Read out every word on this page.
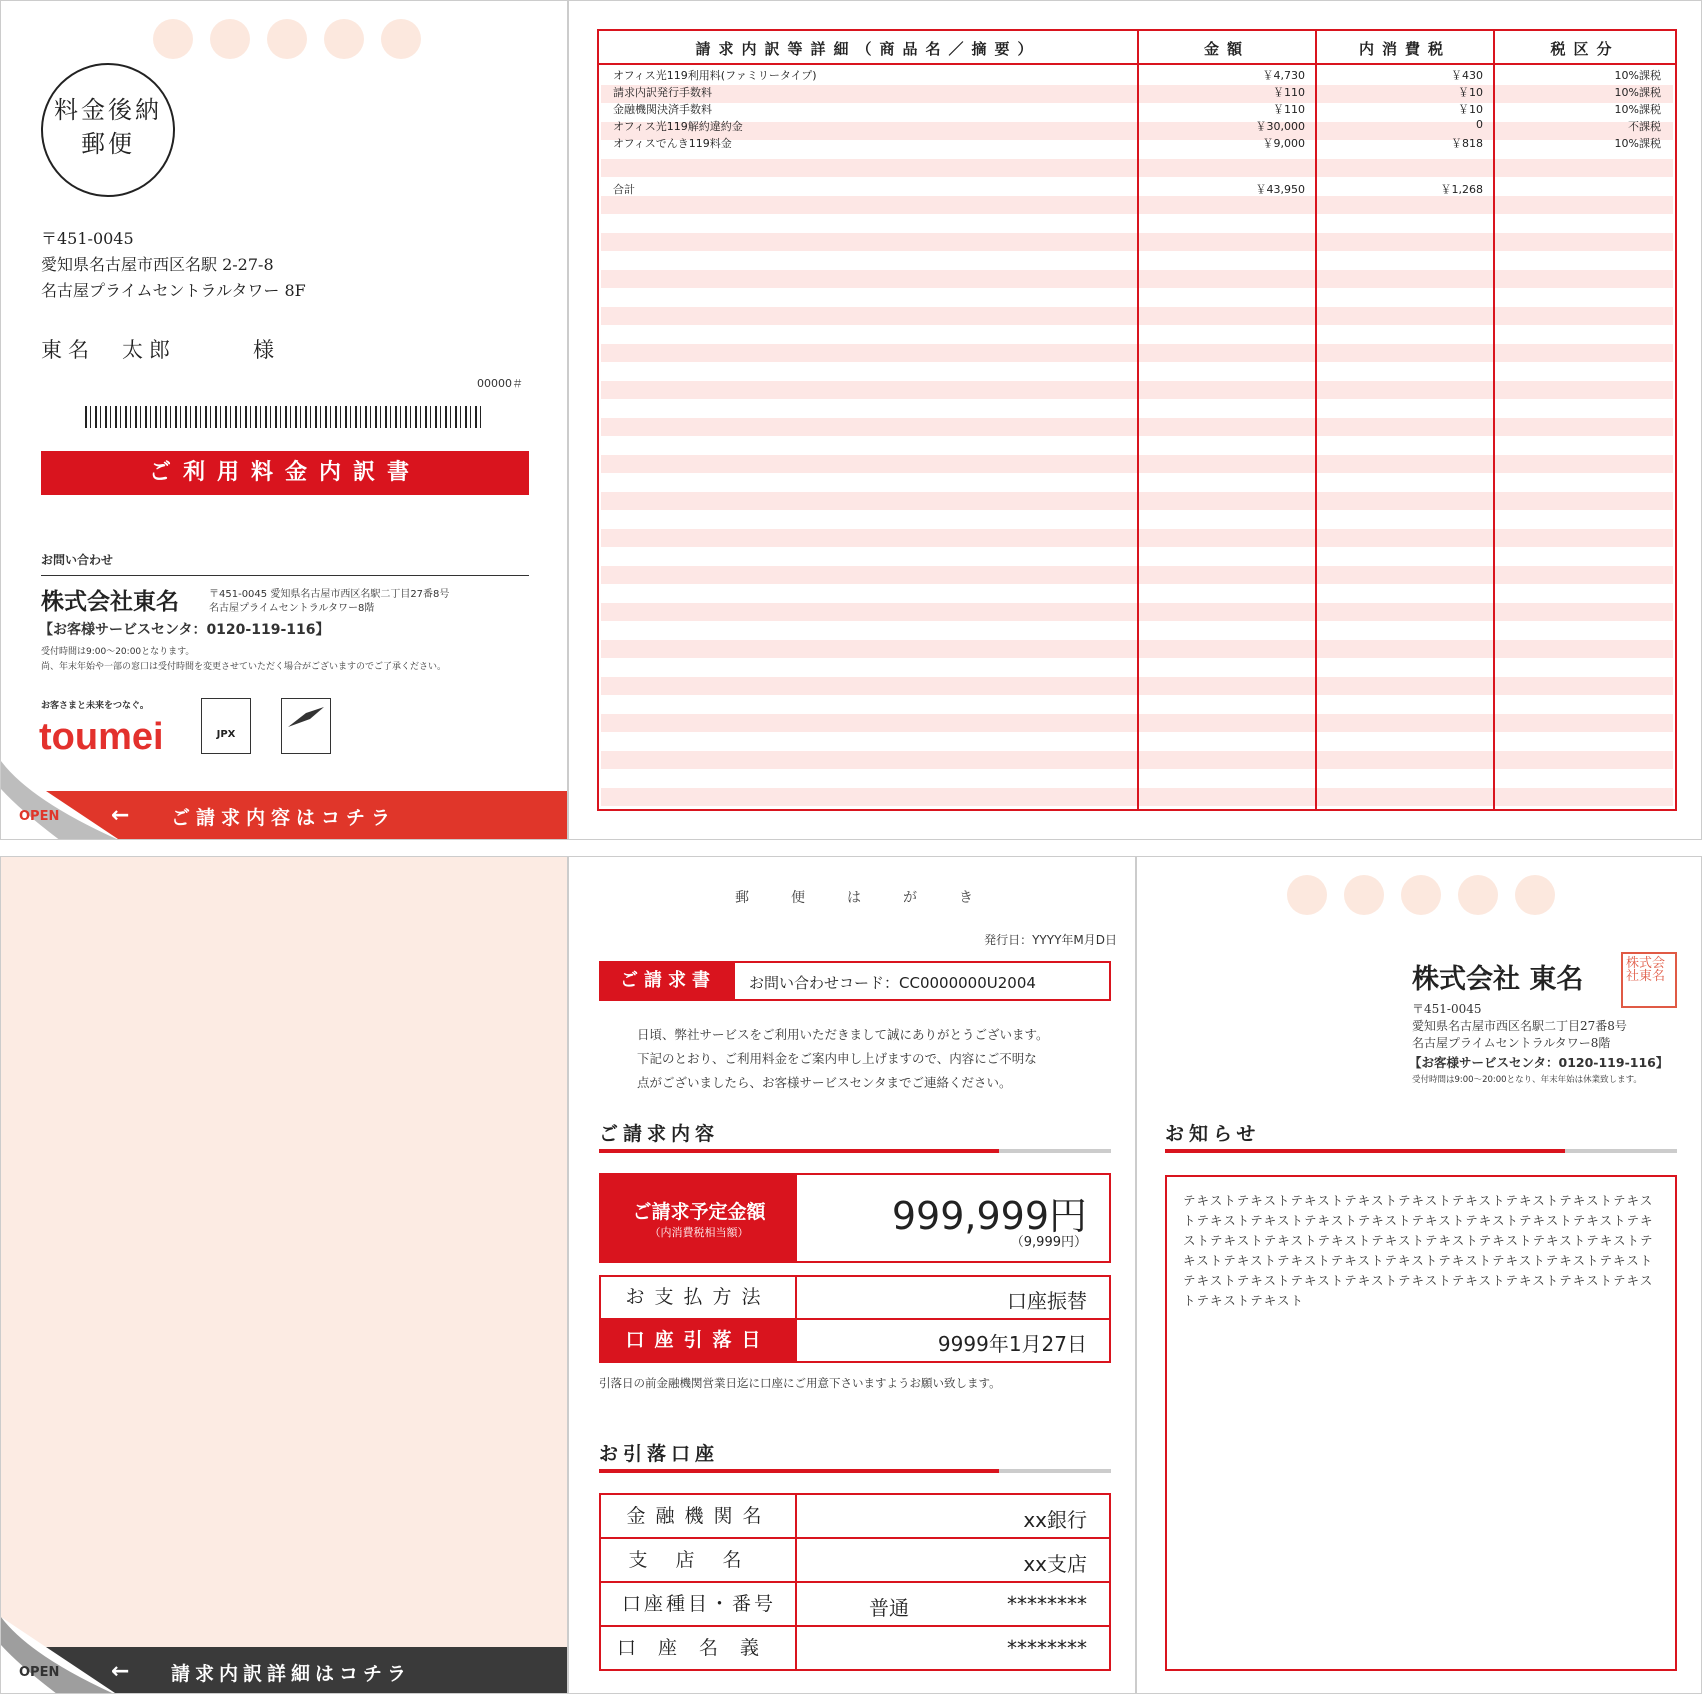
料金後納
郵便
〒451-0045
愛知県名古屋市西区名駅 2-27-8
名古屋プライムセントラルタワー 8F
東名　太郎	様
00000＃
ご利用料金内訳書
お問い合わせ
株式会社東名	〒451-0045 愛知県名古屋市西区名駅二丁目27番8号
名古屋プライムセントラルタワー8階
【お客様サービスセンタ：0120-119-116】
受付時間は9:00～20:00となります。
尚、年末年始や一部の窓口は受付時間を変更させていただく場合がございますのでご了承ください。
お客さまと未来をつなぐ。
toumei	JPX
← ご請求内容はコチラ
OPEN
請求内訳等詳細（商品名／摘要）	金額	内消費税	税区分
オフィス光119利用料(ファミリータイプ)	￥4,730	￥430	10%課税
請求内訳発行手数料	￥110	￥10	10%課税
金融機関決済手数料	￥110	￥10	10%課税
オフィス光119解約違約金	￥30,000	0	不課税
オフィスでんき119料金	￥9,000	￥818	10%課税
合計	￥43,950	￥1,268
← 請求内訳詳細はコチラ
OPEN
郵	便	は	が	き
発行日：YYYY年M月D日
ご請求書	お問い合わせコード：CC0000000U2004
日頃、弊社サービスをご利用いただきまして誠にありがとうございます。
下記のとおり、ご利用料金をご案内申し上げますので、内容にご不明な
点がございましたら、お客様サービスセンタまでご連絡ください。
ご請求内容
ご請求予定金額
（内消費税相当額）	999,999円
（9,999円）
お支払方法	口座振替
口座引落日	9999年1月27日
引落日の前金融機関営業日迄に口座にご用意下さいますようお願い致します。
お引落口座
金融機関名	xx銀行
支店名	xx支店
口座種目・番号	普通	********
口座名義	********
株式会社 東名
株式会社東名
〒451-0045
愛知県名古屋市西区名駅二丁目27番8号
名古屋プライムセントラルタワー8階
【お客様サービスセンタ：0120-119-116】
受付時間は9:00～20:00となり、年末年始は休業致します。
お知らせ
テキストテキストテキストテキストテキストテキストテキストテキストテキストテキストテキストテキストテキストテキストテキストテキストテキストテキストテキストテキストテキストテキストテキストテキストテキストテキストテキストテキストテキストテキストテキストテキストテキストテキストテキストテキストテキストテキストテキストテキストテキストテキストテキストテキストテキストテキスト
